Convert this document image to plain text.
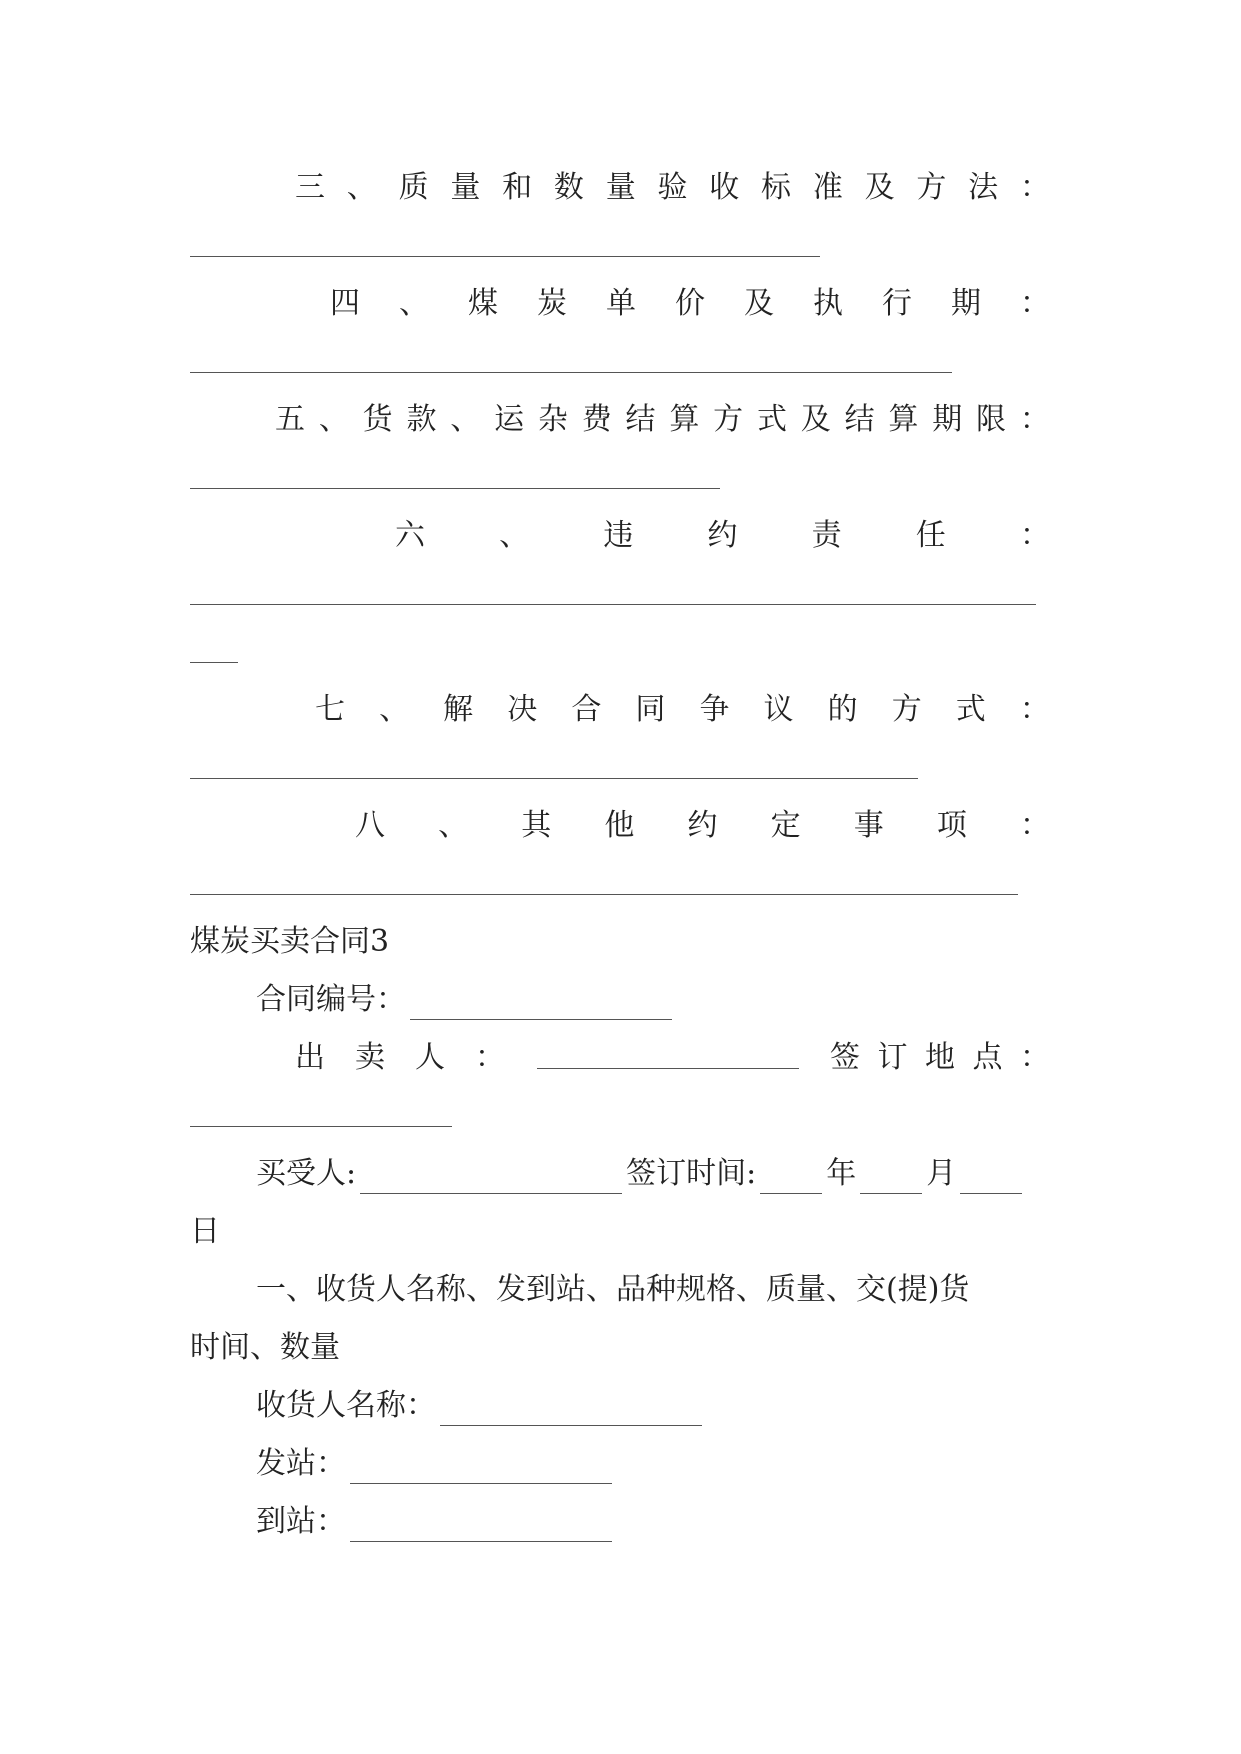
三 、 质 量 和 数 量 验 收 标 准 及 方 法 ：
四 、 煤 炭 单 价 及 执 行 期 ：
五 、 货 款 、 运 杂 费 结 算 方 式 及 结 算 期 限 ：
六 、 违 约 责 任 ：
七 、 解 决 合 同 争 议 的 方 式 ：
八 、 其 他 约 定 事 项 ：
煤炭买卖合同3
合同编号：
出 卖 人 ：	签 订 地 点 ：
买受人:	签订时间: 年 月
日
一、收货人名称、发到站、品种规格、质量、交(提)货
时间、数量
收货人名称：
发站：
到站：
